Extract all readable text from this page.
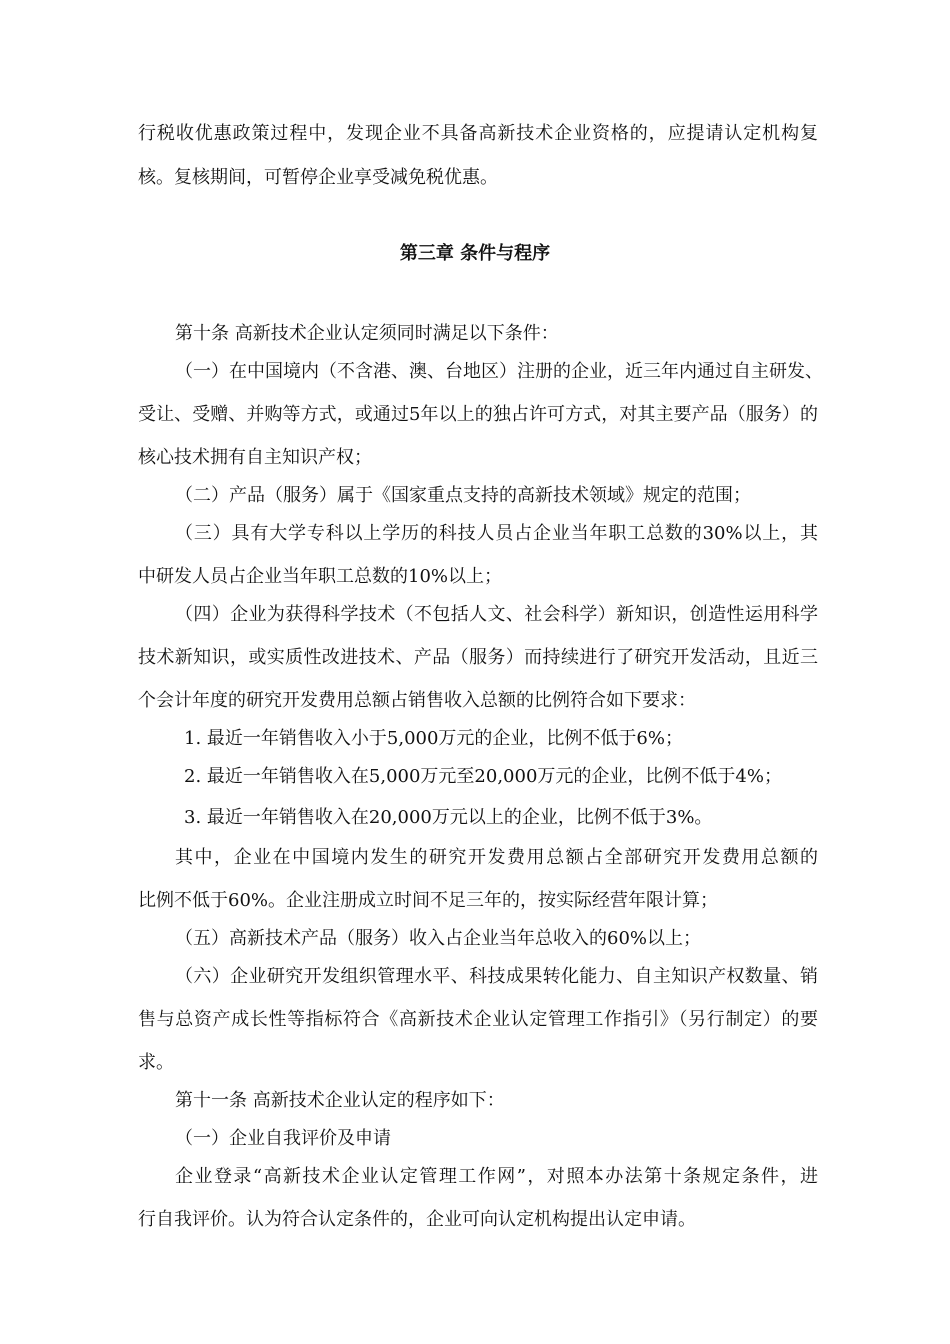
行税收优惠政策过程中，发现企业不具备高新技术企业资格的，应提请认定机构复
核。复核期间，可暂停企业享受减免税优惠。
第三章 条件与程序
第十条 高新技术企业认定须同时满足以下条件：
（一）在中国境内（不含港、澳、台地区）注册的企业，近三年内通过自主研发、
受让、受赠、并购等方式，或通过5年以上的独占许可方式，对其主要产品（服务）的
核心技术拥有自主知识产权；
（二）产品（服务）属于《国家重点支持的高新技术领域》规定的范围；
（三）具有大学专科以上学历的科技人员占企业当年职工总数的30%以上，其
中研发人员占企业当年职工总数的10%以上；
（四）企业为获得科学技术（不包括人文、社会科学）新知识，创造性运用科学
技术新知识，或实质性改进技术、产品（服务）而持续进行了研究开发活动，且近三
个会计年度的研究开发费用总额占销售收入总额的比例符合如下要求：
1. 最近一年销售收入小于5,000万元的企业，比例不低于6%；
2. 最近一年销售收入在5,000万元至20,000万元的企业，比例不低于4%；
3. 最近一年销售收入在20,000万元以上的企业，比例不低于3%。
其中，企业在中国境内发生的研究开发费用总额占全部研究开发费用总额的
比例不低于60%。企业注册成立时间不足三年的，按实际经营年限计算；
（五）高新技术产品（服务）收入占企业当年总收入的60%以上；
（六）企业研究开发组织管理水平、科技成果转化能力、自主知识产权数量、销
售与总资产成长性等指标符合《高新技术企业认定管理工作指引》（另行制定）的要
求。
第十一条 高新技术企业认定的程序如下：
（一）企业自我评价及申请
企业登录“高新技术企业认定管理工作网”，对照本办法第十条规定条件，进
行自我评价。认为符合认定条件的，企业可向认定机构提出认定申请。
